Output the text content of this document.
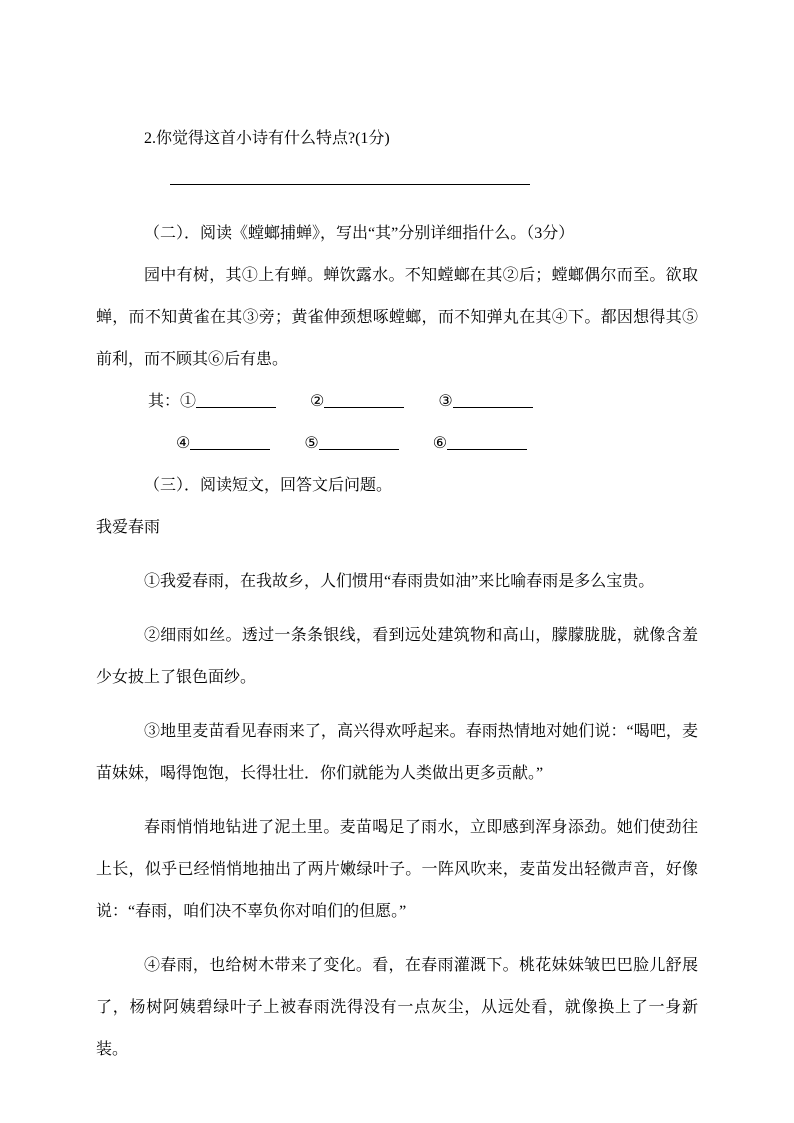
2.你觉得这首小诗有什么特点?(1分)

（二）．阅读《螳螂捕蝉》，写出“其”分别详细指什么。（3分）

园中有树，其①上有蝉。蝉饮露水。不知螳螂在其②后；螳螂偶尔而至。欲取蝉，而不知黄雀在其③旁；黄雀伸颈想啄螳螂，而不知弹丸在其④下。都因想得其⑤前利，而不顾其⑥后有患。

其：①	②	③
④	⑤	⑥

（三）．阅读短文，回答文后问题。

我爱春雨

①我爱春雨，在我故乡，人们惯用“春雨贵如油”来比喻春雨是多么宝贵。

②细雨如丝。透过一条条银线，看到远处建筑物和高山，朦朦胧胧，就像含羞少女披上了银色面纱。

③地里麦苗看见春雨来了，高兴得欢呼起来。春雨热情地对她们说：“喝吧，麦苗妹妹，喝得饱饱，长得壮壮．你们就能为人类做出更多贡献。”

春雨悄悄地钻进了泥土里。麦苗喝足了雨水，立即感到浑身添劲。她们使劲往上长，似乎已经悄悄地抽出了两片嫩绿叶子。一阵风吹来，麦苗发出轻微声音，好像说：“春雨，咱们决不辜负你对咱们的但愿。”

④春雨，也给树木带来了变化。看，在春雨灌溉下。桃花妹妹皱巴巴脸儿舒展了，杨树阿姨碧绿叶子上被春雨洗得没有一点灰尘，从远处看，就像换上了一身新装。
